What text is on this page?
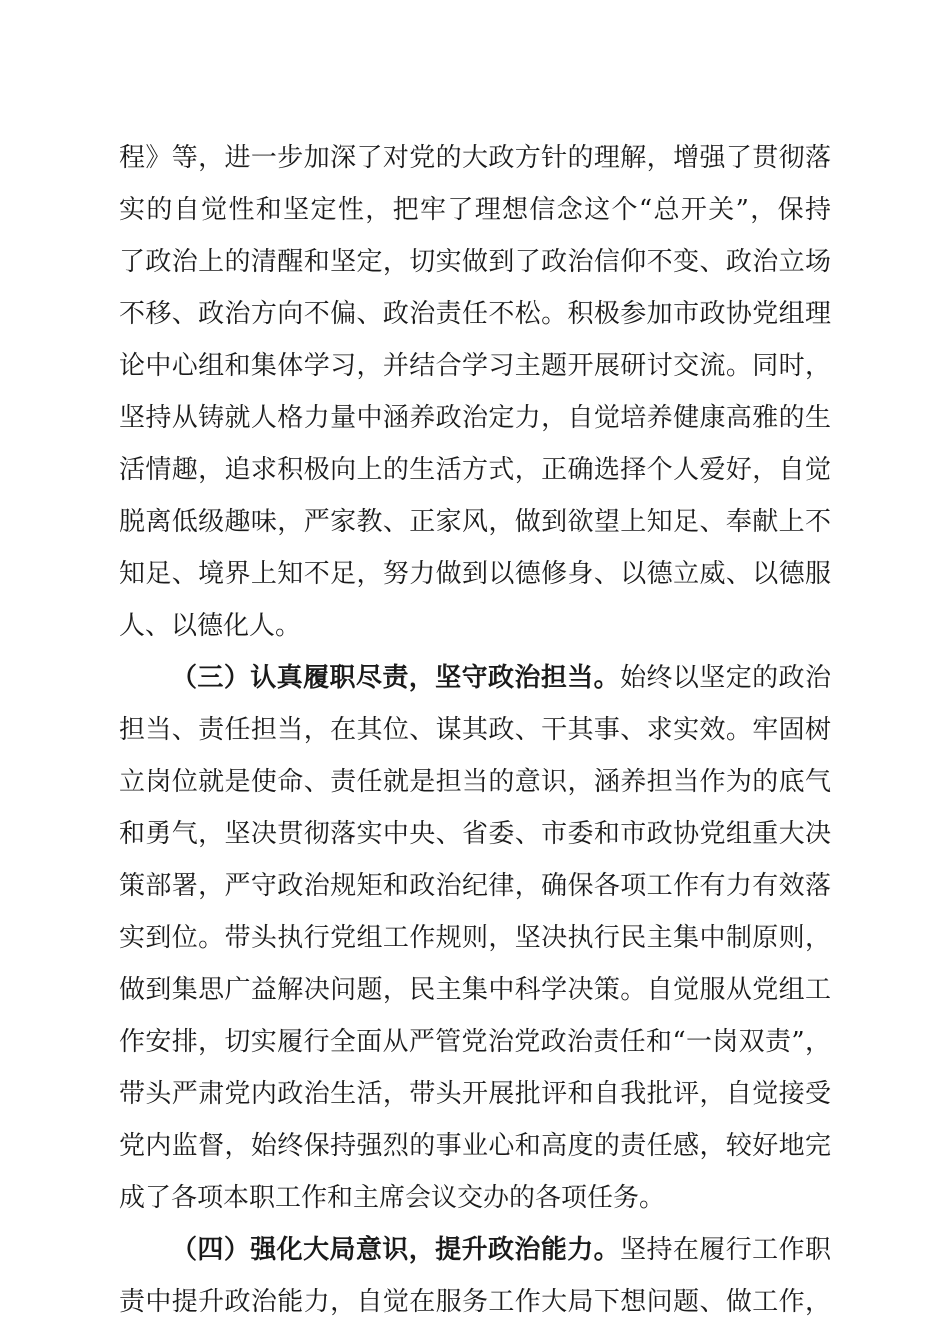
程》等，进一步加深了对党的大政方针的理解，增强了贯彻落
实的自觉性和坚定性，把牢了理想信念这个“总开关”，保持
了政治上的清醒和坚定，切实做到了政治信仰不变、政治立场
不移、政治方向不偏、政治责任不松。积极参加市政协党组理
论中心组和集体学习，并结合学习主题开展研讨交流。同时，
坚持从铸就人格力量中涵养政治定力，自觉培养健康高雅的生
活情趣，追求积极向上的生活方式，正确选择个人爱好，自觉
脱离低级趣味，严家教、正家风，做到欲望上知足、奉献上不
知足、境界上知不足，努力做到以德修身、以德立威、以德服
人、以德化人。
（三）认真履职尽责，坚守政治担当。始终以坚定的政治
担当、责任担当，在其位、谋其政、干其事、求实效。牢固树
立岗位就是使命、责任就是担当的意识，涵养担当作为的底气
和勇气，坚决贯彻落实中央、省委、市委和市政协党组重大决
策部署，严守政治规矩和政治纪律，确保各项工作有力有效落
实到位。带头执行党组工作规则，坚决执行民主集中制原则，
做到集思广益解决问题，民主集中科学决策。自觉服从党组工
作安排，切实履行全面从严管党治党政治责任和“一岗双责”，
带头严肃党内政治生活，带头开展批评和自我批评，自觉接受
党内监督，始终保持强烈的事业心和高度的责任感，较好地完
成了各项本职工作和主席会议交办的各项任务。
（四）强化大局意识，提升政治能力。坚持在履行工作职
责中提升政治能力，自觉在服务工作大局下想问题、做工作，
